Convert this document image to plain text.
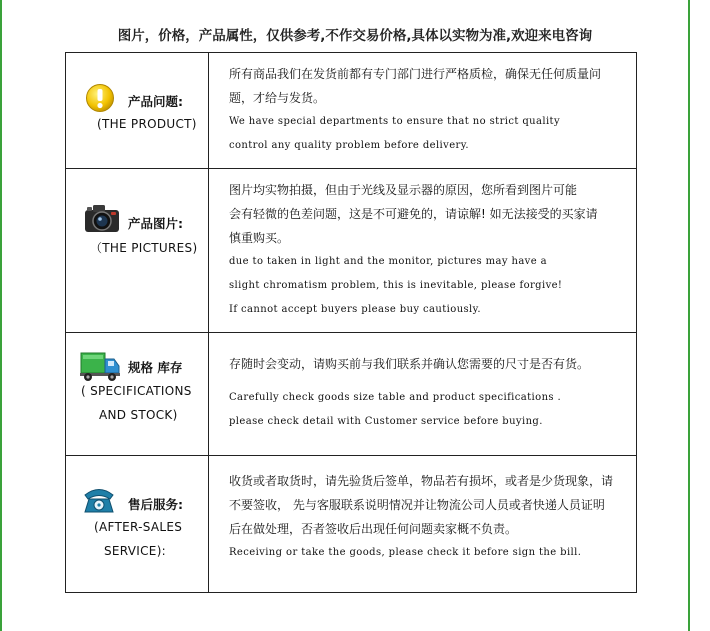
图片，价格，产品属性，仅供参考,不作交易价格,具体以实物为准,欢迎来电咨询
产品问题:
(THE PRODUCT)

所有商品我们在发货前都有专门部门进行严格质检，确保无任何质量问

题，才给与发货。

We have special departments to ensure that no strict quality

control any quality problem before delivery.

产品图片:
（THE PICTURES)

图片均实物拍摄，但由于光线及显示器的原因，您所看到图片可能

会有轻微的色差问题，这是不可避免的，请谅解! 如无法接受的买家请

慎重购买。

due to taken in light and the monitor, pictures may have a

slight chromatism problem, this is inevitable, please forgive!

If cannot accept buyers please buy cautiously.

规格 库存
( SPECIFICATIONS
AND STOCK)

存随时会变动，请购买前与我们联系并确认您需要的尺寸是否有货。

Carefully check goods size table and product specifications .

please check detail with Customer service before buying.

售后服务:
(AFTER-SALES
SERVICE):

收货或者取货时，请先验货后签单，物品若有损坏，或者是少货现象，请

不要签收， 先与客服联系说明情况并让物流公司人员或者快递人员证明

后在做处理，否者签收后出现任何问题卖家概不负责。

Receiving or take the goods, please check it before sign the bill.
